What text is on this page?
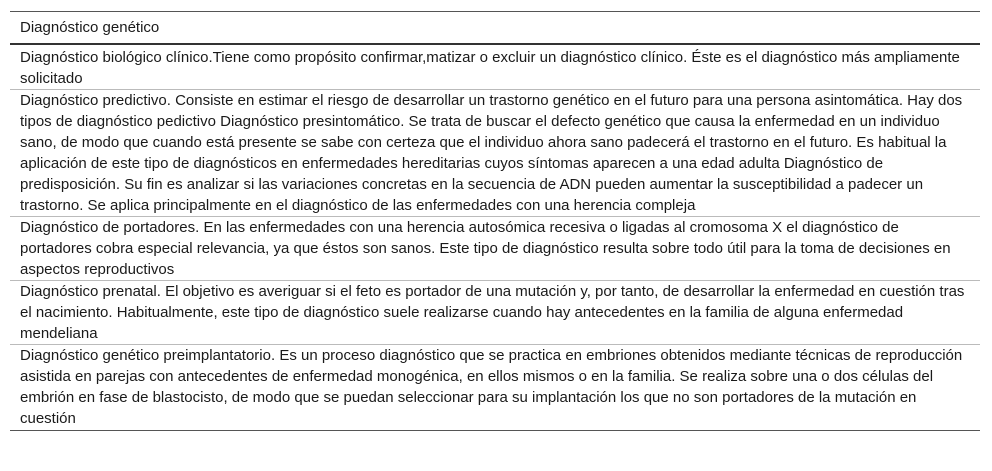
Diagnóstico genético
Diagnóstico biológico clínico.Tiene como propósito confirmar,matizar o excluir un diagnóstico clínico. Éste es el diagnóstico más ampliamente solicitado
Diagnóstico predictivo. Consiste en estimar el riesgo de desarrollar un trastorno genético en el futuro para una persona asintomática. Hay dos tipos de diagnóstico pedictivo Diagnóstico presintomático. Se trata de buscar el defecto genético que causa la enfermedad en un individuo sano, de modo que cuando está presente se sabe con certeza que el individuo ahora sano padecerá el trastorno en el futuro. Es habitual la aplicación de este tipo de diagnósticos en enfermedades hereditarias cuyos síntomas aparecen a una edad adulta Diagnóstico de predisposición. Su fin es analizar si las variaciones concretas en la secuencia de ADN pueden aumentar la susceptibilidad a padecer un trastorno. Se aplica principalmente en el diagnóstico de las enfermedades con una herencia compleja
Diagnóstico de portadores. En las enfermedades con una herencia autosómica recesiva o ligadas al cromosoma X el diagnóstico de portadores cobra especial relevancia, ya que éstos son sanos. Este tipo de diagnóstico resulta sobre todo útil para la toma de decisiones en aspectos reproductivos
Diagnóstico prenatal. El objetivo es averiguar si el feto es portador de una mutación y, por tanto, de desarrollar la enfermedad en cuestión tras el nacimiento. Habitualmente, este tipo de diagnóstico suele realizarse cuando hay antecedentes en la familia de alguna enfermedad mendeliana
Diagnóstico genético preimplantatorio. Es un proceso diagnóstico que se practica en embriones obtenidos mediante técnicas de reproducción asistida en parejas con antecedentes de enfermedad monogénica, en ellos mismos o en la familia. Se realiza sobre una o dos células del embrión en fase de blastocisto, de modo que se puedan seleccionar para su implantación los que no son portadores de la mutación en cuestión
